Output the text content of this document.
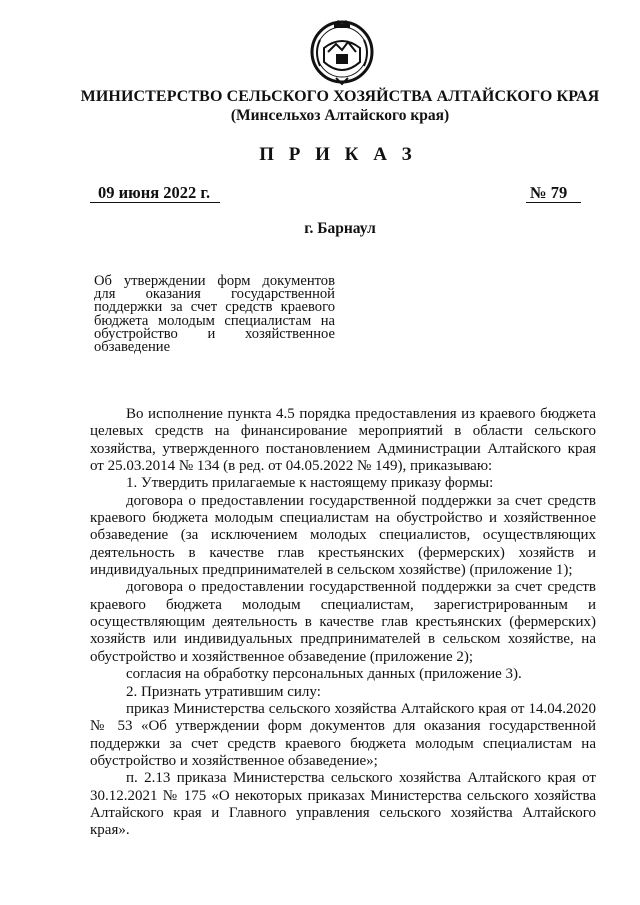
МИНИСТЕРСТВО СЕЛЬСКОГО ХОЗЯЙСТВА АЛТАЙСКОГО КРАЯ
(Минсельхоз Алтайского края)
П Р И К А З
09 июня 2022 г.	№ 79
г. Барнаул
Об утверждении форм документов для оказания государственной поддержки за счет средств краевого бюджета молодым специалистам на обустройство и хозяйственное обзаведение

Во исполнение пункта 4.5 порядка предоставления из краевого бюджета целевых средств на финансирование мероприятий в области сельского хозяйства, утвержденного постановлением Администрации Алтайского края от 25.03.2014 № 134 (в ред. от 04.05.2022 № 149), приказываю:

1. Утвердить прилагаемые к настоящему приказу формы:

договора о предоставлении государственной поддержки за счет средств краевого бюджета молодым специалистам на обустройство и хозяйственное обзаведение (за исключением молодых специалистов, осуществляющих деятельность в качестве глав крестьянских (фермерских) хозяйств и индивидуальных предпринимателей в сельском хозяйстве) (приложение 1);

договора о предоставлении государственной поддержки за счет средств краевого бюджета молодым специалистам, зарегистрированным и осуществляющим деятельность в качестве глав крестьянских (фермерских) хозяйств или индивидуальных предпринимателей в сельском хозяйстве, на обустройство и хозяйственное обзаведение (приложение 2);

согласия на обработку персональных данных (приложение 3).

2. Признать утратившим силу:

приказ Министерства сельского хозяйства Алтайского края от 14.04.2020 № 53 «Об утверждении форм документов для оказания государственной поддержки за счет средств краевого бюджета молодым специалистам на обустройство и хозяйственное обзаведение»;

п. 2.13 приказа Министерства сельского хозяйства Алтайского края от 30.12.2021 № 175 «О некоторых приказах Министерства сельского хозяйства Алтайского края и Главного управления сельского хозяйства Алтайского края».
